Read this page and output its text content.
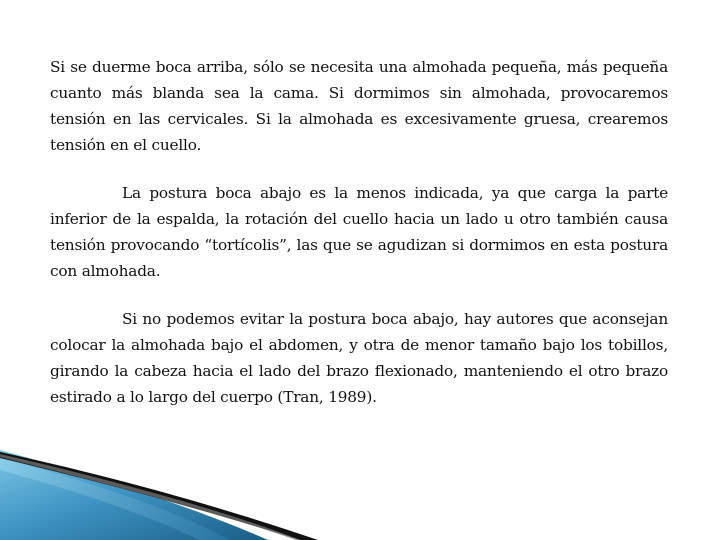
Si se duerme boca arriba, sólo se necesita una almohada pequeña, más pequeña cuanto más blanda sea la cama. Si dormimos sin almohada, provocaremos tensión en las cervicales. Si la almohada es excesivamente gruesa, crearemos tensión en el cuello.

La postura boca abajo es la menos indicada, ya que carga la parte inferior de la espalda, la rotación del cuello hacia un lado u otro también causa tensión provocando “tortícolis”, las que se agudizan si dormimos en esta postura con almohada.

Si no podemos evitar la postura boca abajo, hay autores que aconsejan colocar la almohada bajo el abdomen, y otra de menor tamaño bajo los tobillos, girando la cabeza hacia el lado del brazo flexionado, manteniendo el otro brazo estirado a lo largo del cuerpo (Tran, 1989).
